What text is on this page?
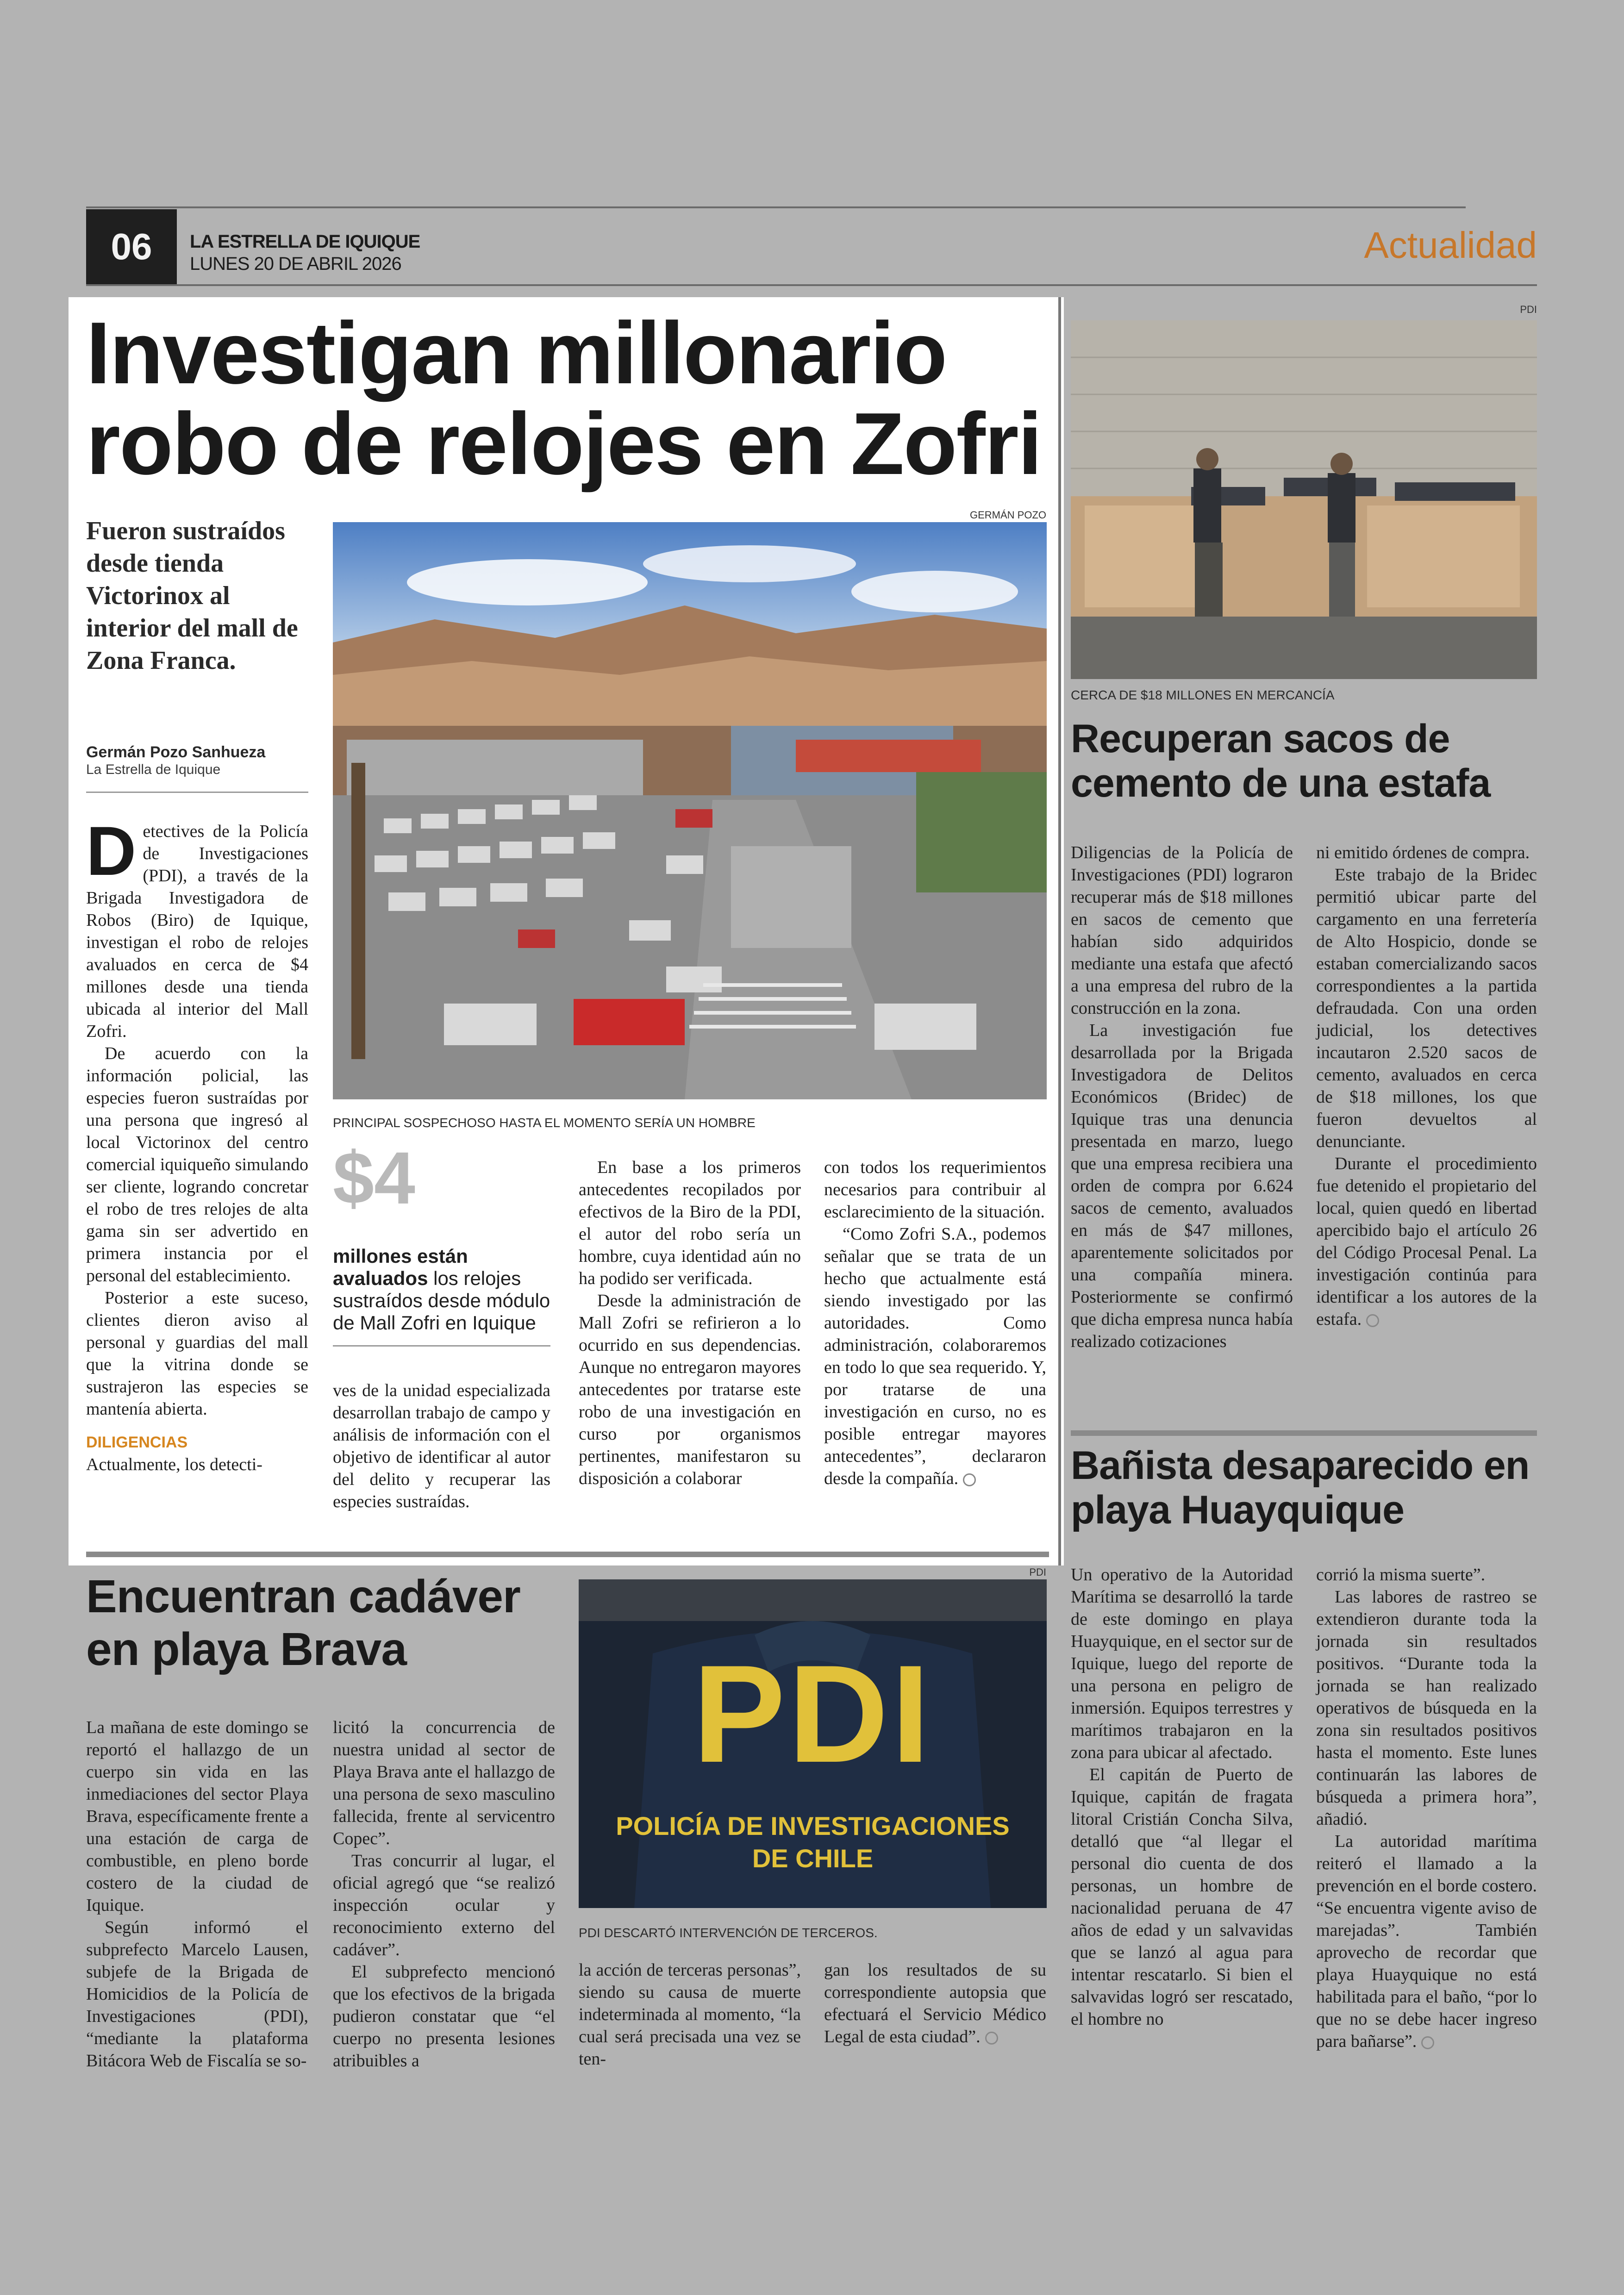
06	LA ESTRELLA DE IQUIQUE
LUNES 20 DE ABRIL 2026	Actualidad
Investigan millonario
robo de relojes en Zofri
Fueron sustraídos desde tienda Victorinox al interior del mall de Zona Franca.
Germán Pozo Sanhueza
La Estrella de Iquique
GERMÁN POZO
PRINCIPAL SOSPECHOSO HASTA EL MOMENTO SERÍA UN HOMBRE

Detectives de la Policía de Investigaciones (PDI), a través de la Brigada Investigadora de Robos (Biro) de Iquique, investigan el robo de relojes avaluados en cerca de $4 millones desde una tienda ubicada al interior del Mall Zofri.

De acuerdo con la información policial, las especies fueron sustraídas por una persona que ingresó al local Victorinox del centro comercial iquiqueño simulando ser cliente, logrando concretar el robo de tres relojes de alta gama sin ser advertido en primera instancia por el personal del establecimiento.

Posterior a este suceso, clientes dieron aviso al personal y guardias del mall que la vitrina donde se sustrajeron las especies se mantenía abierta.

DILIGENCIAS

Actualmente, los detecti-

$4
millones están avaluados los relojes sustraídos desde módulo de Mall Zofri en Iquique

ves de la unidad especializada desarrollan trabajo de campo y análisis de información con el objetivo de identificar al autor del delito y recuperar las especies sustraídas.

En base a los primeros antecedentes recopilados por efectivos de la Biro de la PDI, el autor del robo sería un hombre, cuya identidad aún no ha podido ser verificada.

Desde la administración de Mall Zofri se refirieron a lo ocurrido en sus dependencias. Aunque no entregaron mayores antecedentes por tratarse este robo de una investigación en curso por organismos pertinentes, manifestaron su disposición a colaborar

con todos los requerimientos necesarios para contribuir al esclarecimiento de la situación.

“Como Zofri S.A., podemos señalar que se trata de un hecho que actualmente está siendo investigado por las autoridades. Como administración, colaboraremos en todo lo que sea requerido. Y, por tratarse de una investigación en curso, no es posible entregar mayores antecedentes”, declararon desde la compañía.

PDI
CERCA DE $18 MILLONES EN MERCANCÍA
Recuperan sacos de
cemento de una estafa

Diligencias de la Policía de Investigaciones (PDI) lograron recuperar más de $18 millones en sacos de cemento que habían sido adquiridos mediante una estafa que afectó a una empresa del rubro de la construcción en la zona.

La investigación fue desarrollada por la Brigada Investigadora de Delitos Económicos (Bridec) de Iquique tras una denuncia presentada en marzo, luego que una empresa recibiera una orden de compra por 6.624 sacos de cemento, avaluados en más de $47 millones, aparentemente solicitados por una compañía minera. Posteriormente se confirmó que dicha empresa nunca había realizado cotizaciones

ni emitido órdenes de compra.

Este trabajo de la Bridec permitió ubicar parte del cargamento en una ferretería de Alto Hospicio, donde se estaban comercializando sacos correspondientes a la partida defraudada. Con una orden judicial, los detectives incautaron 2.520 sacos de cemento, avaluados en cerca de $18 millones, los que fueron devueltos al denunciante.

Durante el procedimiento fue detenido el propietario del local, quien quedó en libertad apercibido bajo el artículo 26 del Código Procesal Penal. La investigación continúa para identificar a los autores de la estafa.

Bañista desaparecido en
playa Huayquique

Un operativo de la Autoridad Marítima se desarrolló la tarde de este domingo en playa Huayquique, en el sector sur de Iquique, luego del reporte de una persona en peligro de inmersión. Equipos terrestres y marítimos trabajaron en la zona para ubicar al afectado.

El capitán de Puerto de Iquique, capitán de fragata litoral Cristián Concha Silva, detalló que “al llegar el personal dio cuenta de dos personas, un hombre de nacionalidad peruana de 47 años de edad y un salvavidas que se lanzó al agua para intentar rescatarlo. Si bien el salvavidas logró ser rescatado, el hombre no

corrió la misma suerte”.

Las labores de rastreo se extendieron durante toda la jornada sin resultados positivos. “Durante toda la jornada se han realizado operativos de búsqueda en la zona sin resultados positivos hasta el momento. Este lunes continuarán las labores de búsqueda a primera hora”, añadió.

La autoridad marítima reiteró el llamado a la prevención en el borde costero. “Se encuentra vigente aviso de marejadas”. También aprovecho de recordar que playa Huayquique no está habilitada para el baño, “por lo que no se debe hacer ingreso para bañarse”.

Encuentran cadáver
en playa Brava
PDI
PDI
POLICÍA DE INVESTIGACIONES
DE CHILE
PDI DESCARTÓ INTERVENCIÓN DE TERCEROS.

La mañana de este domingo se reportó el hallazgo de un cuerpo sin vida en las inmediaciones del sector Playa Brava, específicamente frente a una estación de carga de combustible, en pleno borde costero de la ciudad de Iquique.

Según informó el subprefecto Marcelo Lausen, subjefe de la Brigada de Homicidios de la Policía de Investigaciones (PDI), “mediante la plataforma Bitácora Web de Fiscalía se so-

licitó la concurrencia de nuestra unidad al sector de Playa Brava ante el hallazgo de una persona de sexo masculino fallecida, frente al servicentro Copec”.

Tras concurrir al lugar, el oficial agregó que “se realizó inspección ocular y reconocimiento externo del cadáver”.

El subprefecto mencionó que los efectivos de la brigada pudieron constatar que “el cuerpo no presenta lesiones atribuibles a

la acción de terceras personas”, siendo su causa de muerte indeterminada al momento, “la cual será precisada una vez se ten-

gan los resultados de su correspondiente autopsia que efectuará el Servicio Médico Legal de esta ciudad”.
